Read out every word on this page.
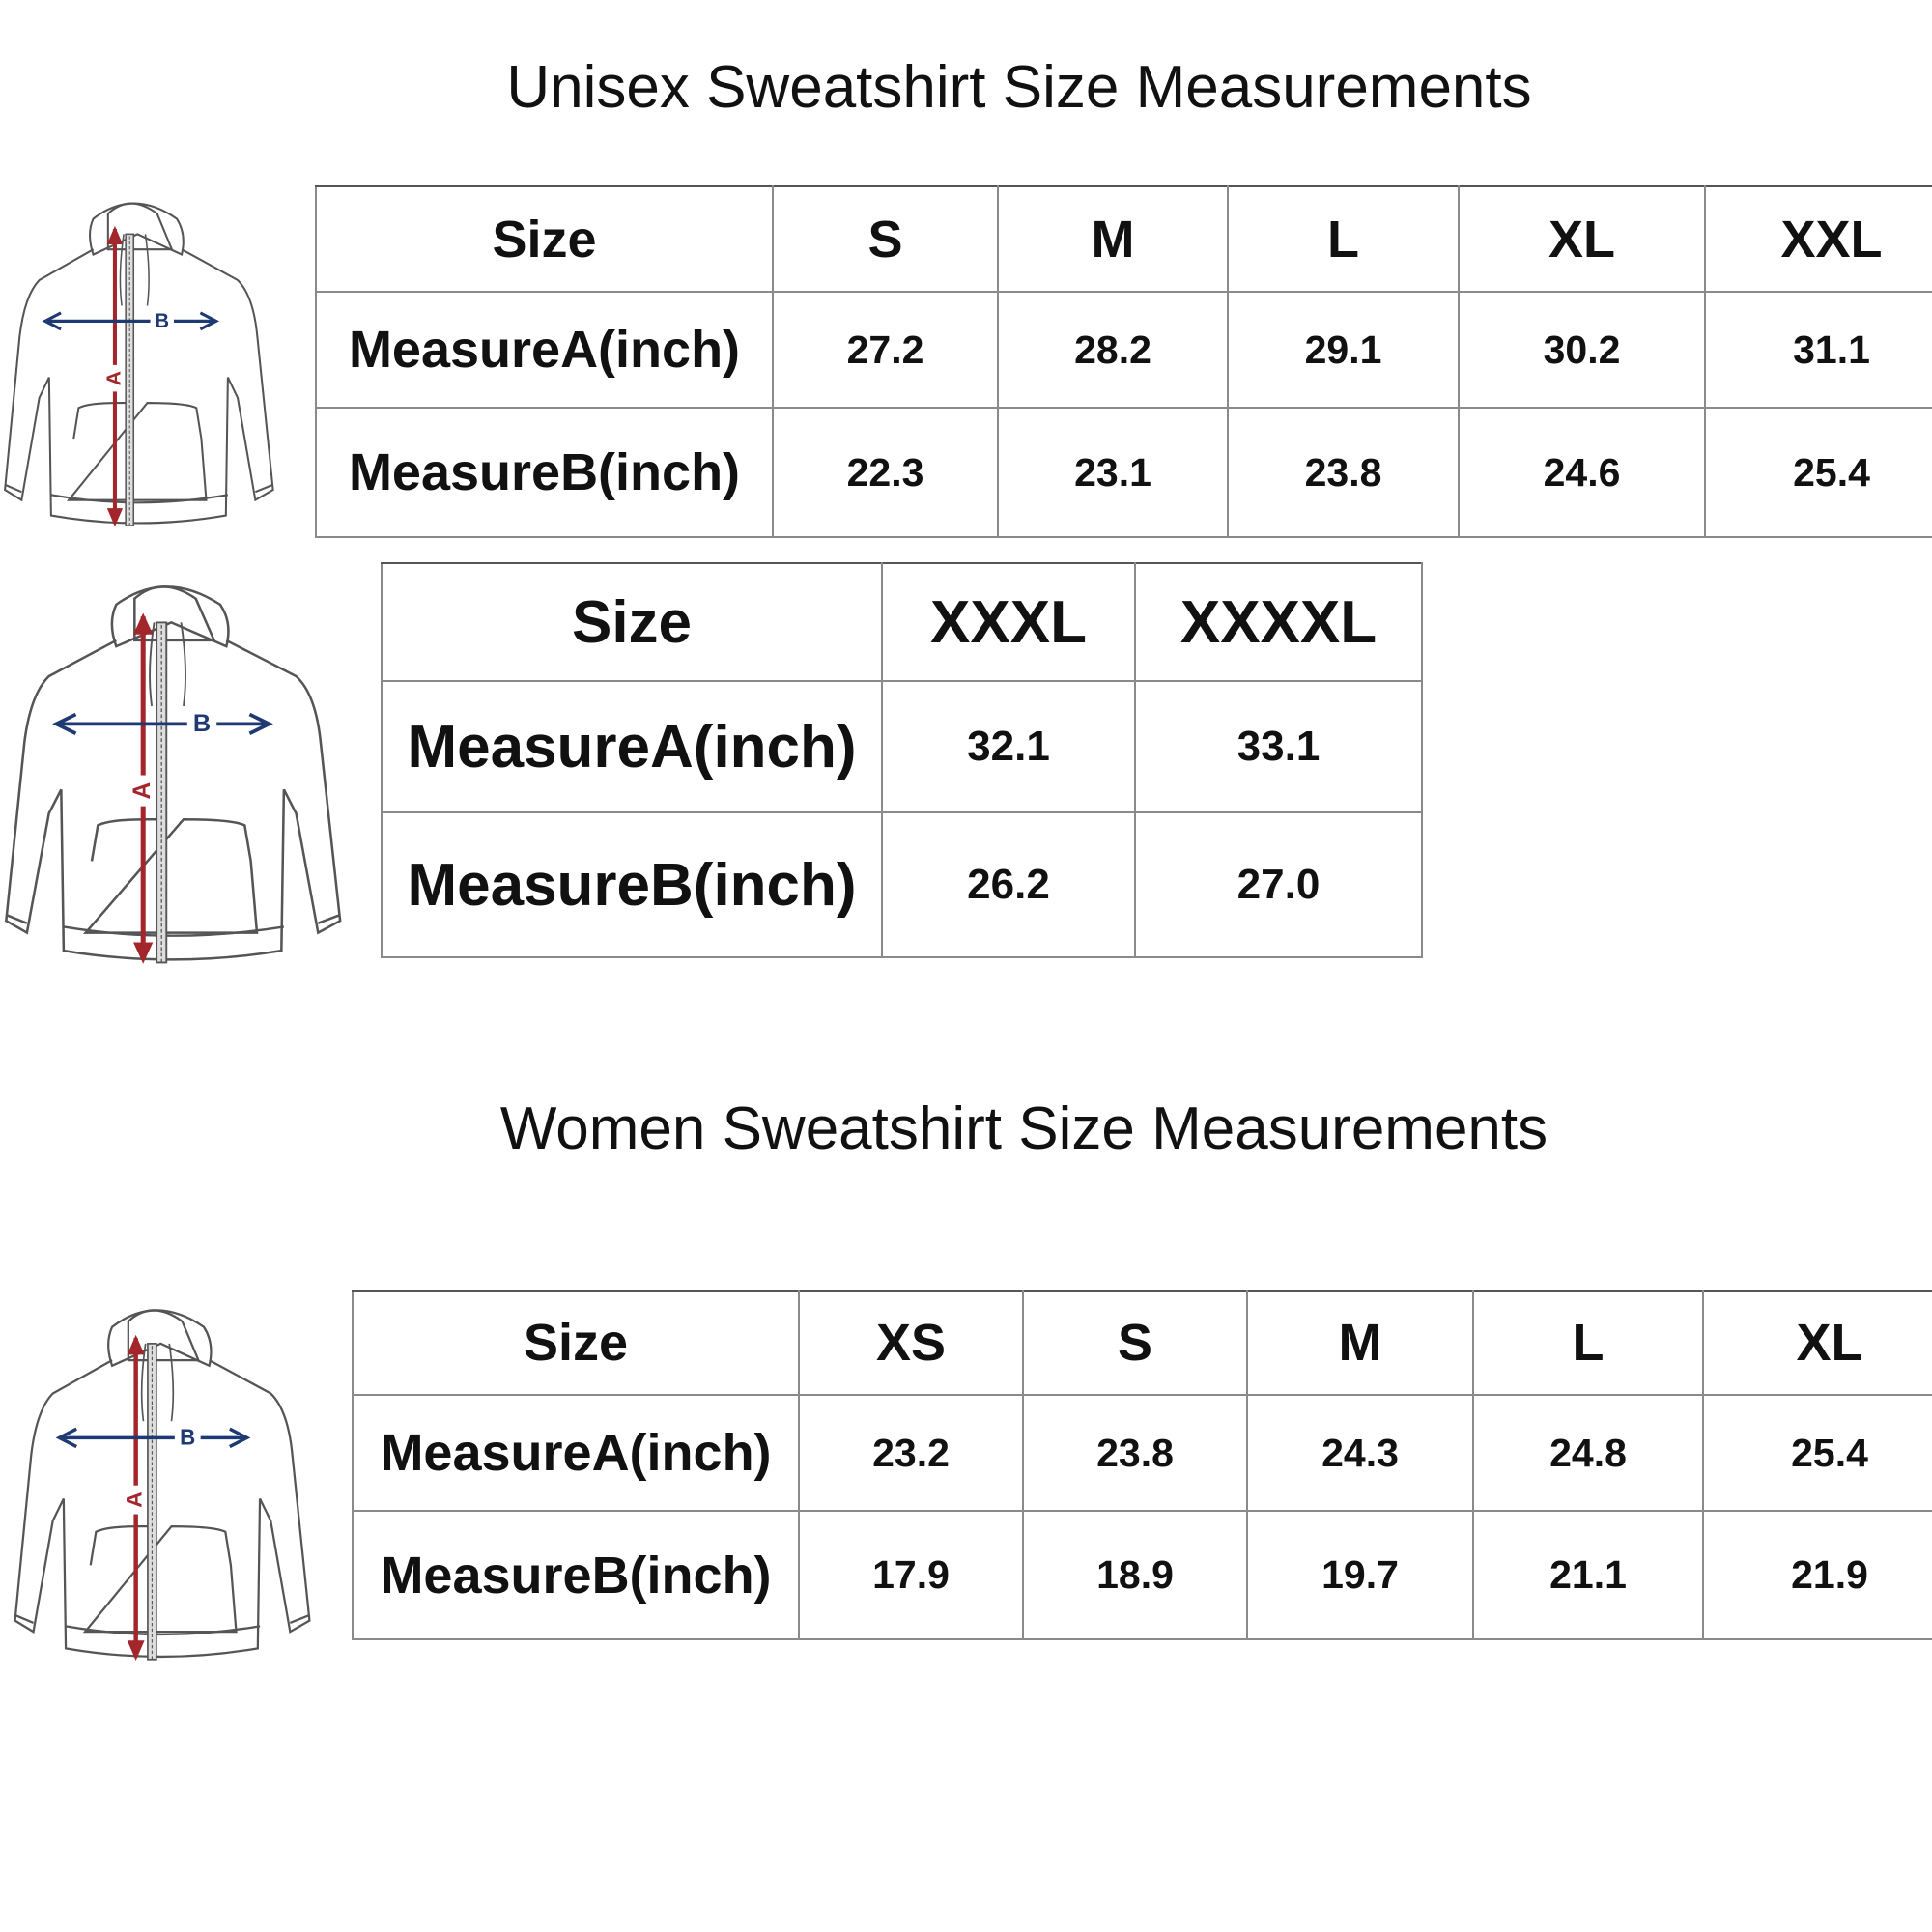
Unisex Sweatshirt Size Measurements
Women Sweatshirt Size Measurements
A
B
A
B
A
B
Size	S	M	L	XL	XXL
MeasureA(inch)	27.2	28.2	29.1	30.2	31.1
MeasureB(inch)	22.3	23.1	23.8	24.6	25.4
Size	XXXL	XXXXL
MeasureA(inch)	32.1	33.1
MeasureB(inch)	26.2	27.0
Size	XS	S	M	L	XL
MeasureA(inch)	23.2	23.8	24.3	24.8	25.4
MeasureB(inch)	17.9	18.9	19.7	21.1	21.9
